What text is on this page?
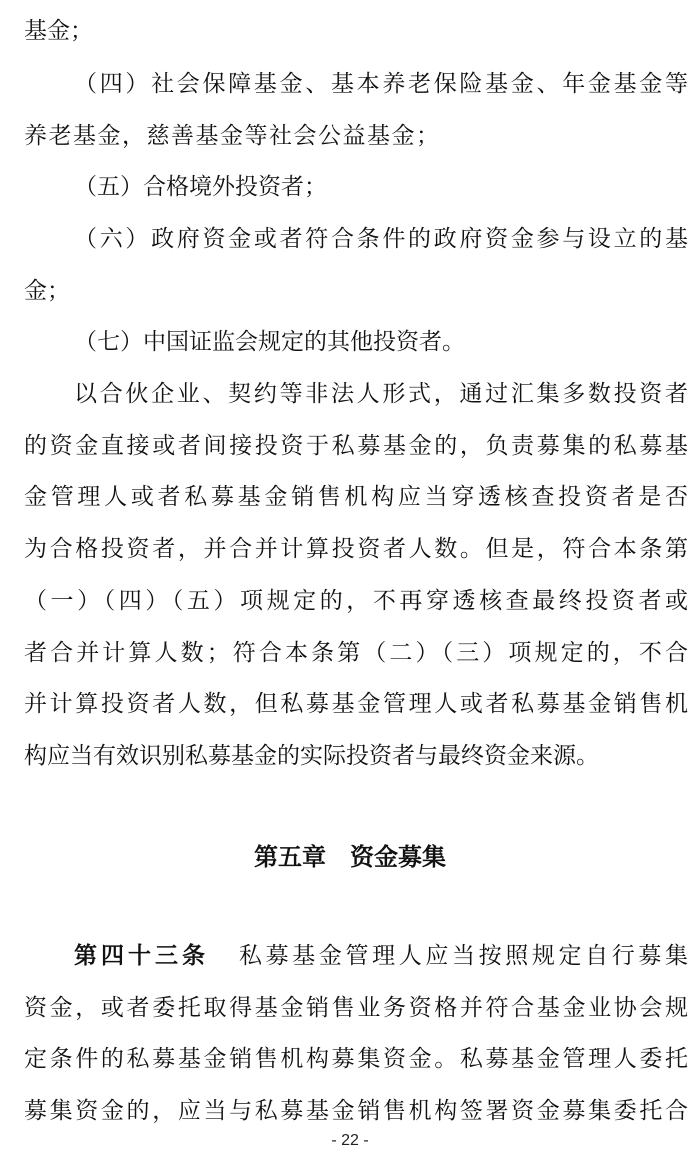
基金；
（四）社会保障基金、基本养老保险基金、年金基金等
养老基金，慈善基金等社会公益基金；
（五）合格境外投资者；
（六）政府资金或者符合条件的政府资金参与设立的基
金；
（七）中国证监会规定的其他投资者。
以合伙企业、契约等非法人形式，通过汇集多数投资者
的资金直接或者间接投资于私募基金的，负责募集的私募基
金管理人或者私募基金销售机构应当穿透核查投资者是否
为合格投资者，并合并计算投资者人数。但是，符合本条第
（一）（四）（五）项规定的，不再穿透核查最终投资者或
者合并计算人数；符合本条第（二）（三）项规定的，不合
并计算投资者人数，但私募基金管理人或者私募基金销售机
构应当有效识别私募基金的实际投资者与最终资金来源。
第五章　资金募集
第四十三条 私募基金管理人应当按照规定自行募集
资金，或者委托取得基金销售业务资格并符合基金业协会规
定条件的私募基金销售机构募集资金。私募基金管理人委托
募集资金的，应当与私募基金销售机构签署资金募集委托合
- 22 -
